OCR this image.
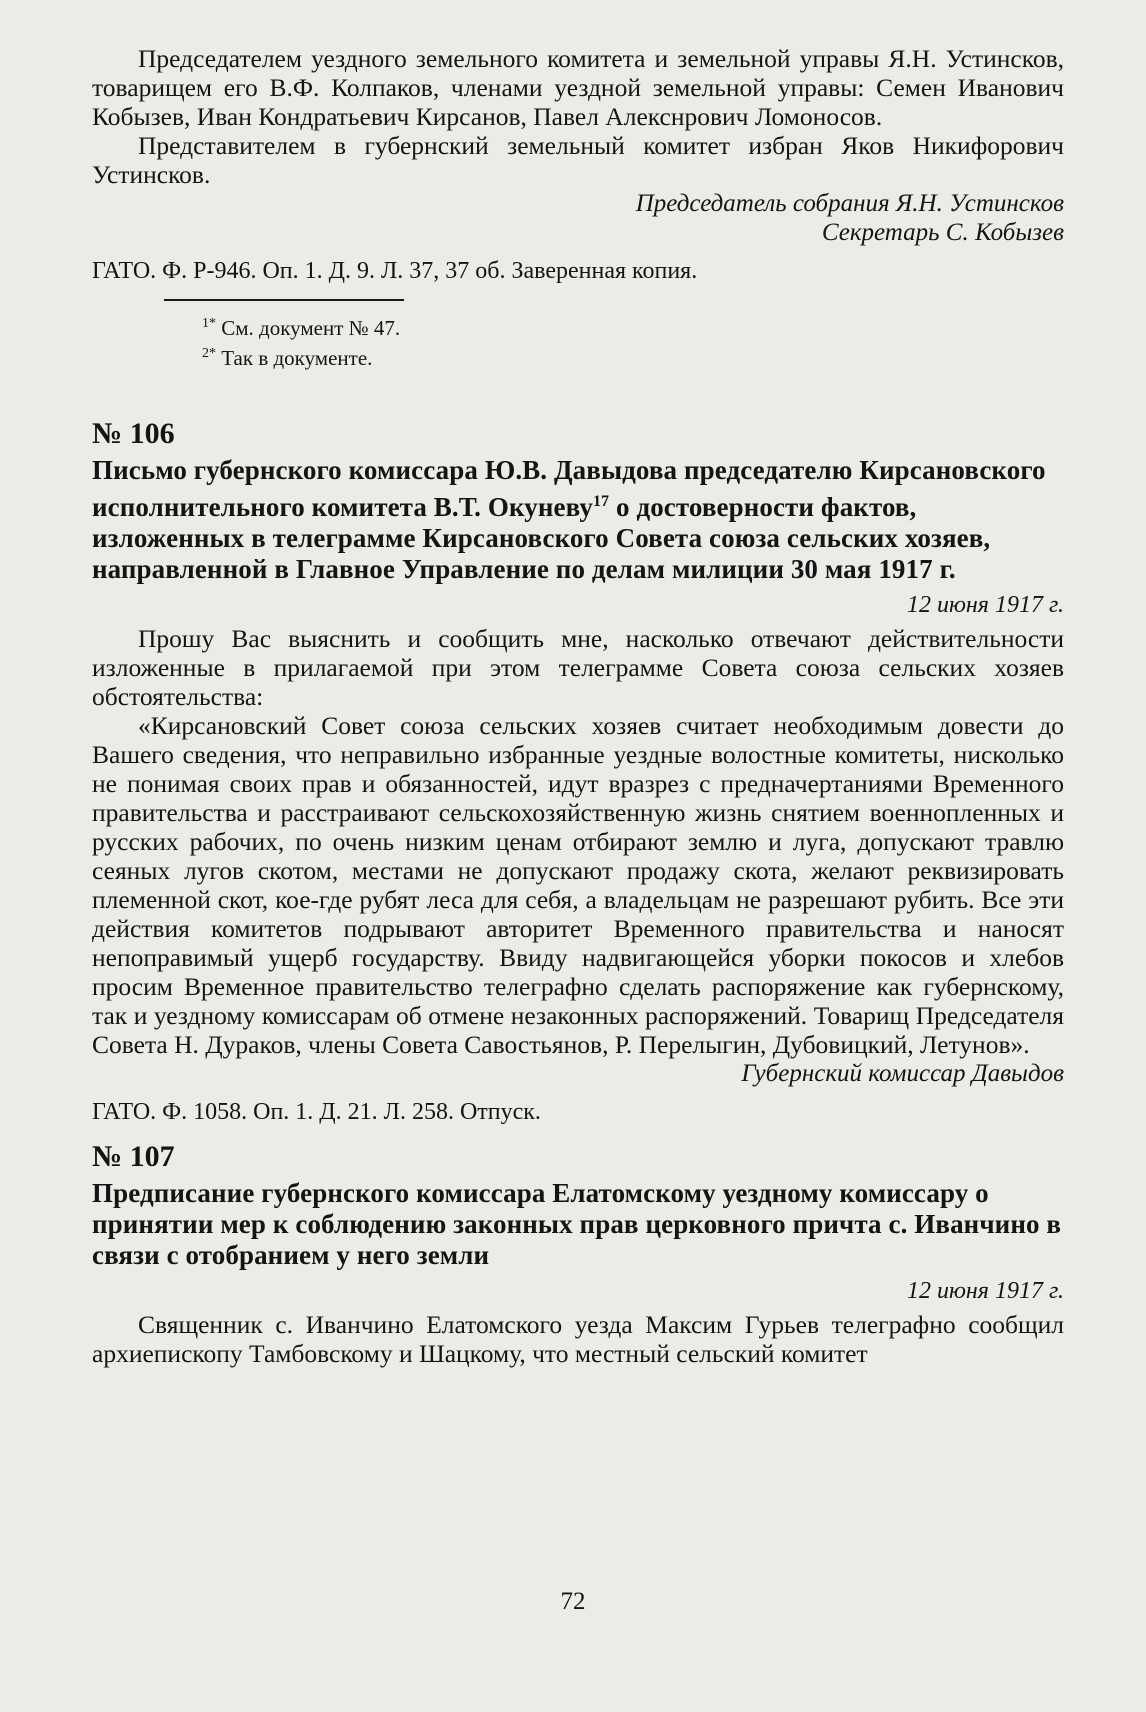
Председателем уездного земельного комитета и земельной управы Я.Н. Устинсков, товарищем его В.Ф. Колпаков, членами уездной земельной управы: Семен Иванович Кобызев, Иван Кондратьевич Кирсанов, Павел Алекснрович Ломоносов.

Представителем в губернский земельный комитет избран Яков Никифорович Устинсков.

Председатель собрания Я.Н. Устинсков

Секретарь С. Кобызев

ГАТО. Ф. Р-946. Оп. 1. Д. 9. Л. 37, 37 об. Заверенная копия.

$^{1*}$ См. документ № 47.

$^{2*}$ Так в документе.

№ 106

Письмо губернского комиссара Ю.В. Давыдова председателю Кирсановского исполнительного комитета В.Т. Окуневу$^{17}$ о достоверности фактов, изложенных в телеграмме Кирсановского Совета союза сельских хозяев, направленной в Главное Управление по делам милиции 30 мая 1917 г.

12 июня 1917 г.

Прошу Вас выяснить и сообщить мне, насколько отвечают действительности изложенные в прилагаемой при этом телеграмме Совета союза сельских хозяев обстоятельства:

«Кирсановский Совет союза сельских хозяев считает необходимым довести до Вашего сведения, что неправильно избранные уездные волостные комитеты, нисколько не понимая своих прав и обязанностей, идут вразрез с предначертаниями Временного правительства и расстраивают сельскохозяйственную жизнь снятием военнопленных и русских рабочих, по очень низким ценам отбирают землю и луга, допускают травлю сеяных лугов скотом, местами не допускают продажу скота, желают реквизировать племенной скот, кое-где рубят леса для себя, а владельцам не разрешают рубить. Все эти действия комитетов подрывают авторитет Временного правительства и наносят непоправимый ущерб государству. Ввиду надвигающейся уборки покосов и хлебов просим Временное правительство телеграфно сделать распоряжение как губернскому, так и уездному комиссарам об отмене незаконных распоряжений. Товарищ Председателя Совета Н. Дураков, члены Совета Савостьянов, Р. Перелыгин, Дубовицкий, Летунов».

Губернский комиссар Давыдов

ГАТО. Ф. 1058. Оп. 1. Д. 21. Л. 258. Отпуск.

№ 107

Предписание губернского комиссара Елатомскому уездному комиссару о принятии мер к соблюдению законных прав церковного причта с. Иванчино в связи с отобранием у него земли

12 июня 1917 г.

Священник с. Иванчино Елатомского уезда Максим Гурьев телеграфно сообщил архиепископу Тамбовскому и Шацкому, что местный сельский комитет

72
